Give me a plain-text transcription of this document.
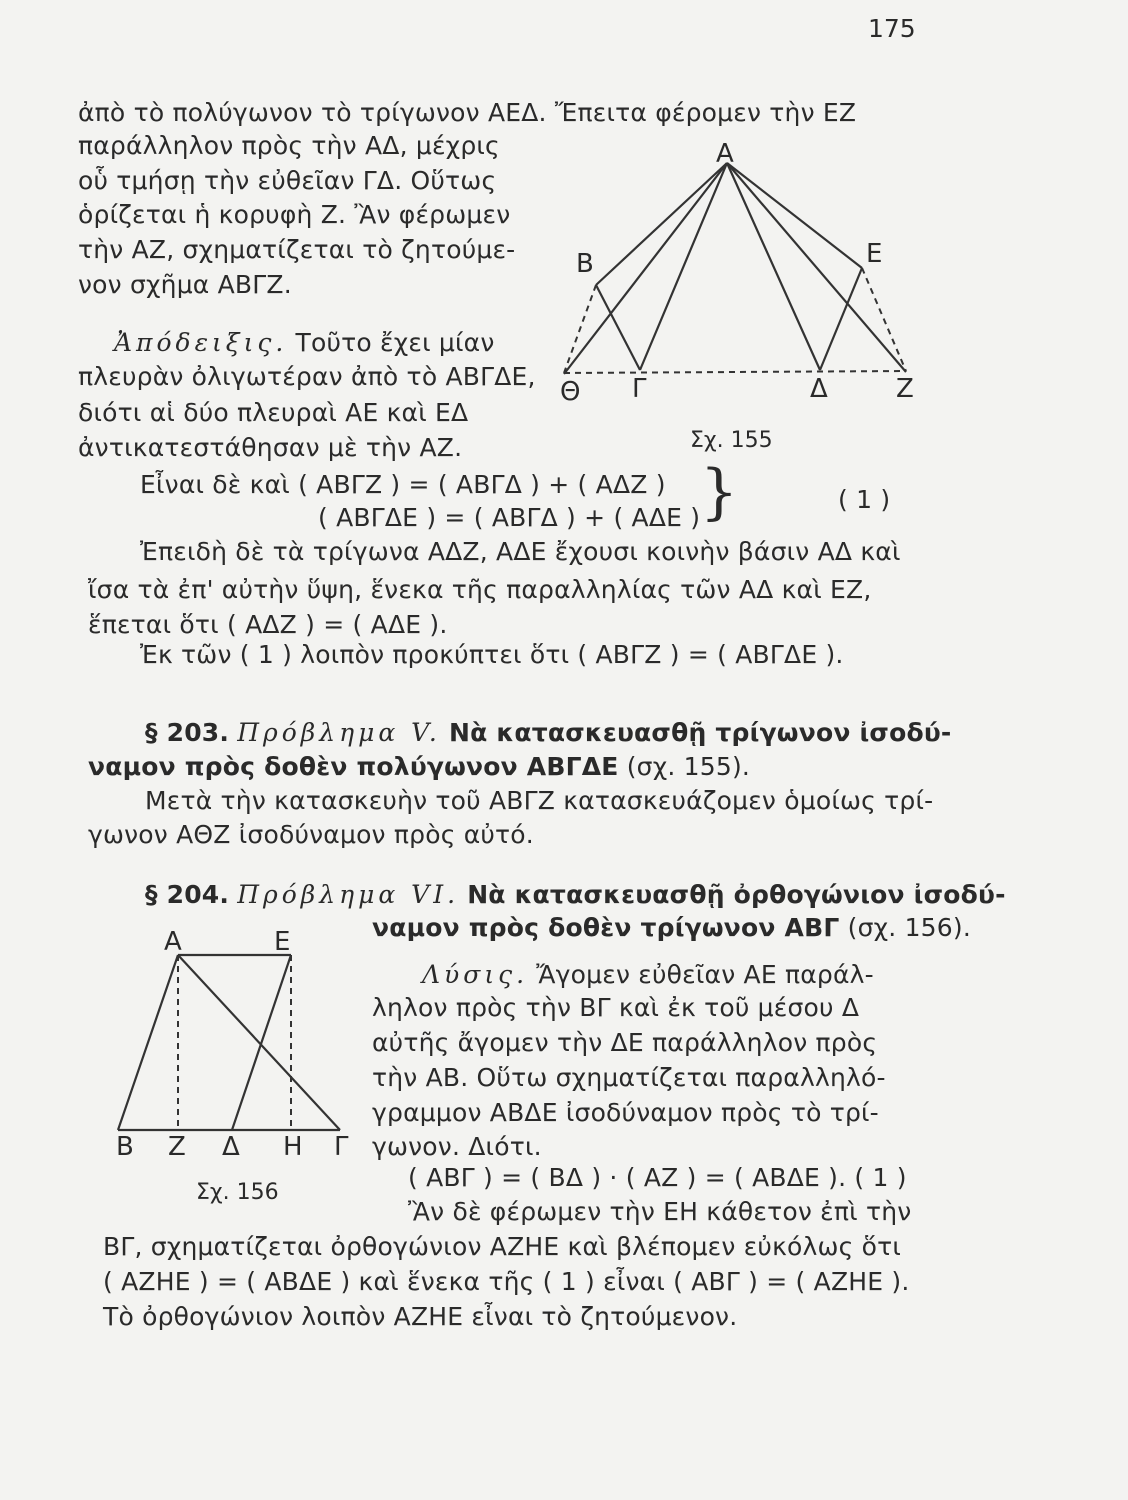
175
ἀπὸ τὸ πολύγωνον τὸ τρίγωνον ΑΕΔ. Ἔπειτα φέρομεν τὴν ΕΖ
παράλληλον πρὸς τὴν ΑΔ, μέχρις
οὗ τμήσῃ τὴν εὐθεῖαν ΓΔ. Οὕτως
ὁρίζεται ἡ κορυφὴ Ζ. Ἂν φέρωμεν
τὴν ΑΖ, σχηματίζεται τὸ ζητούμε-
νον σχῆμα ΑΒΓΖ.
Ἀπόδειξις. Τοῦτο ἔχει μίαν
πλευρὰν ὀλιγωτέραν ἀπὸ τὸ ΑΒΓΔΕ,
διότι αἱ δύο πλευραὶ ΑΕ καὶ ΕΔ
ἀντικατεστάθησαν μὲ τὴν ΑΖ.
Α
Β	Ε
Θ Γ	Δ	Ζ
Σχ. 155
Εἶναι δὲ καὶ ( ΑΒΓΖ ) = ( ΑΒΓΔ ) + ( ΑΔΖ )
( ΑΒΓΔΕ ) = ( ΑΒΓΔ ) + ( ΑΔΕ ) }	( 1 )
Ἐπειδὴ δὲ τὰ τρίγωνα ΑΔΖ, ΑΔΕ ἔχουσι κοινὴν βάσιν ΑΔ καὶ
ἴσα τὰ ἐπ' αὐτὴν ὕψη, ἕνεκα τῆς παραλληλίας τῶν ΑΔ καὶ ΕΖ,
ἕπεται ὅτι ( ΑΔΖ ) = ( ΑΔΕ ).
Ἐκ τῶν ( 1 ) λοιπὸν προκύπτει ὅτι ( ΑΒΓΖ ) = ( ΑΒΓΔΕ ).
§ 203. Πρόβλημα V. Νὰ κατασκευασθῇ τρίγωνον ἰσοδύ-
ναμον πρὸς δοθὲν πολύγωνον ΑΒΓΔΕ (σχ. 155).
Μετὰ τὴν κατασκευὴν τοῦ ΑΒΓΖ κατασκευάζομεν ὁμοίως τρί-
γωνον ΑΘΖ ἰσοδύναμον πρὸς αὐτό.
§ 204. Πρόβλημα VI. Νὰ κατασκευασθῇ ὀρθογώνιον ἰσοδύ-
ναμον πρὸς δοθὲν τρίγωνον ΑΒΓ (σχ. 156).
Λύσις. Ἄγομεν εὐθεῖαν ΑΕ παράλ-
ληλον πρὸς τὴν ΒΓ καὶ ἐκ τοῦ μέσου Δ
αὐτῆς ἄγομεν τὴν ΔΕ παράλληλον πρὸς
τὴν ΑΒ. Οὕτω σχηματίζεται παραλληλό-
γραμμον ΑΒΔΕ ἰσοδύναμον πρὸς τὸ τρί-
γωνον. Διότι.
( ΑΒΓ ) = ( ΒΔ ) · ( ΑΖ ) = ( ΑΒΔΕ ). ( 1 )
Ἂν δὲ φέρωμεν τὴν ΕΗ κάθετον ἐπὶ τὴν
ΒΓ, σχηματίζεται ὀρθογώνιον ΑΖΗΕ καὶ βλέπομεν εὐκόλως ὅτι
( ΑΖΗΕ ) = ( ΑΒΔΕ ) καὶ ἕνεκα τῆς ( 1 ) εἶναι ( ΑΒΓ ) = ( ΑΖΗΕ ).
Τὸ ὀρθογώνιον λοιπὸν ΑΖΗΕ εἶναι τὸ ζητούμενον.
Α	Ε
Β Ζ Δ Η Γ
Σχ. 156
